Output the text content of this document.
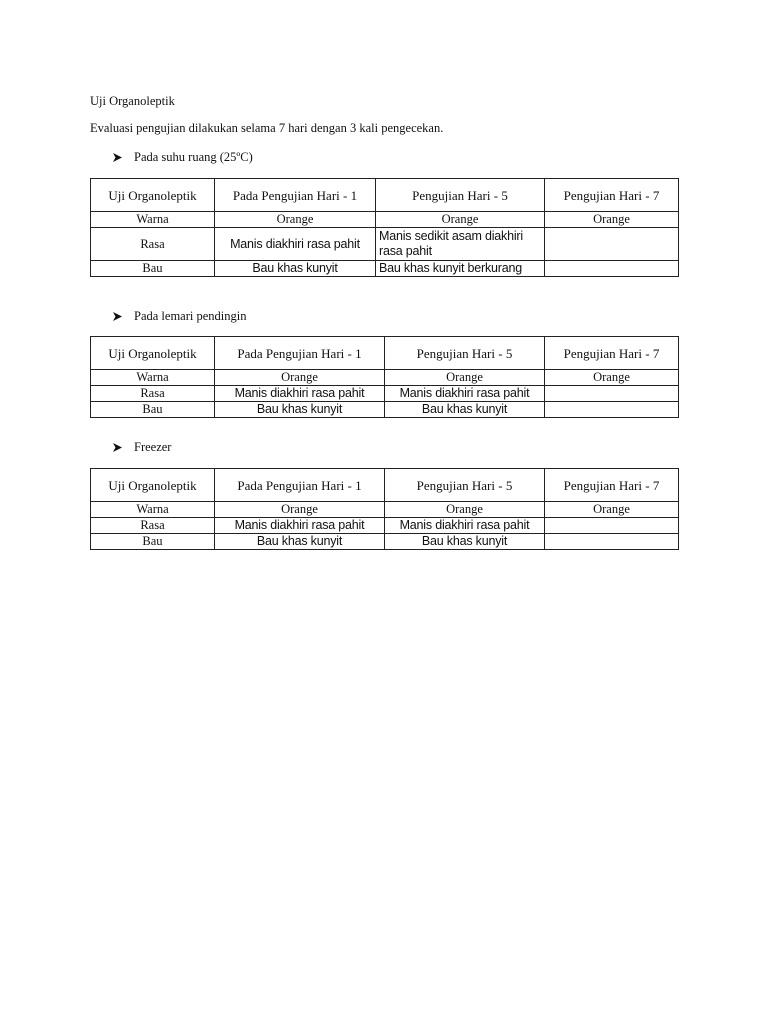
Uji Organoleptik
Evaluasi pengujian dilakukan selama 7 hari dengan 3 kali pengecekan.
Pada suhu ruang (25ºC)
Uji Organoleptik	Pada Pengujian Hari - 1	Pengujian Hari - 5	Pengujian Hari - 7
Warna	Orange	Orange	Orange
Rasa	Manis diakhiri rasa pahit	Manis sedikit asam diakhiri rasa pahit	
Bau	Bau khas kunyit	Bau khas kunyit berkurang	
Pada lemari pendingin
Uji Organoleptik	Pada Pengujian Hari - 1	Pengujian Hari - 5	Pengujian Hari - 7
Warna	Orange	Orange	Orange
Rasa	Manis diakhiri rasa pahit	Manis diakhiri rasa pahit	
Bau	Bau khas kunyit	Bau khas kunyit	
Freezer
Uji Organoleptik	Pada Pengujian Hari - 1	Pengujian Hari - 5	Pengujian Hari - 7
Warna	Orange	Orange	Orange
Rasa	Manis diakhiri rasa pahit	Manis diakhiri rasa pahit	
Bau	Bau khas kunyit	Bau khas kunyit	
